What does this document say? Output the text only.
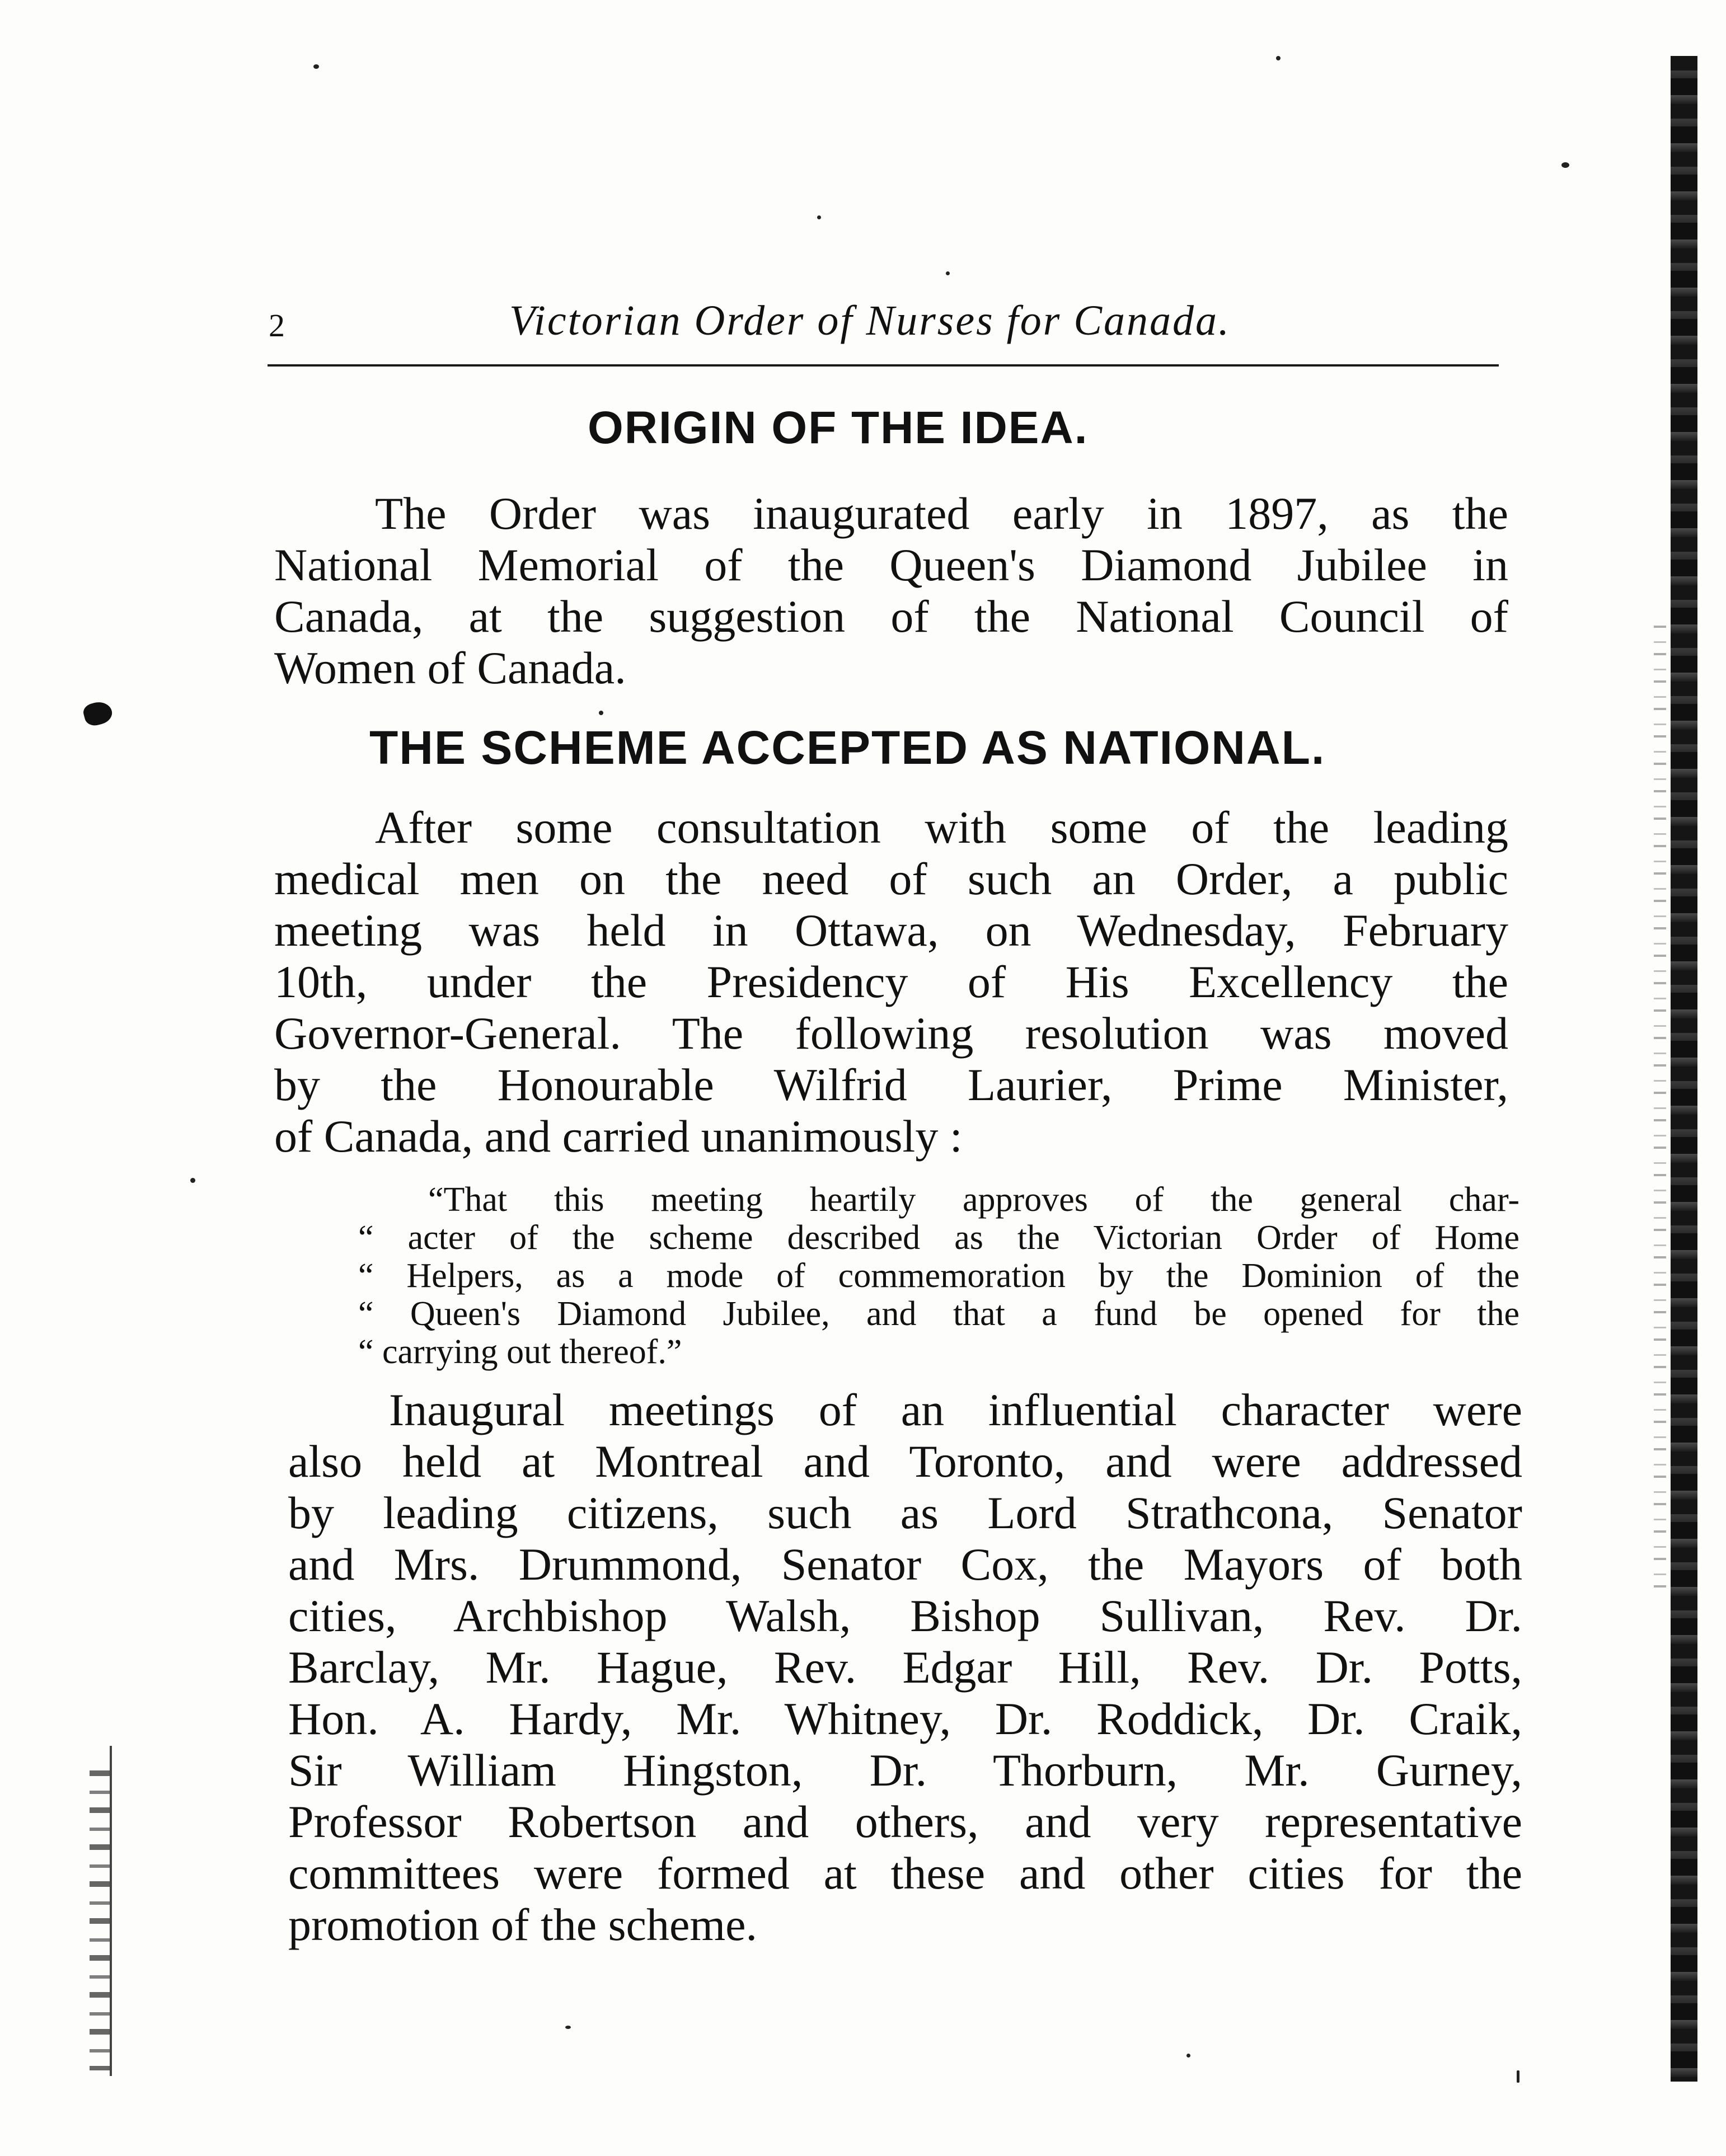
2	Victorian Order of Nurses for Canada.
ORIGIN OF THE IDEA.
The Order was inaugurated early in 1897, as the
National Memorial of the Queen's Diamond Jubilee in
Canada, at the suggestion of the National Council of
Women of Canada.
THE SCHEME ACCEPTED AS NATIONAL.
After some consultation with some of the leading
medical men on the need of such an Order, a public
meeting was held in Ottawa, on Wednesday, February
10th, under the Presidency of His Excellency the
Governor-General. The following resolution was moved
by the Honourable Wilfrid Laurier, Prime Minister,
of Canada, and carried unanimously :
“That this meeting heartily approves of the general char-
“ acter of the scheme described as the Victorian Order of Home
“ Helpers, as a mode of commemoration by the Dominion of the
“ Queen's Diamond Jubilee, and that a fund be opened for the
“ carrying out thereof.”
Inaugural meetings of an influential character were
also held at Montreal and Toronto, and were addressed
by leading citizens, such as Lord Strathcona, Senator
and Mrs. Drummond, Senator Cox, the Mayors of both
cities, Archbishop Walsh, Bishop Sullivan, Rev. Dr.
Barclay, Mr. Hague, Rev. Edgar Hill, Rev. Dr. Potts,
Hon. A. Hardy, Mr. Whitney, Dr. Roddick, Dr. Craik,
Sir William Hingston, Dr. Thorburn, Mr. Gurney,
Professor Robertson and others, and very representative
committees were formed at these and other cities for the
promotion of the scheme.
